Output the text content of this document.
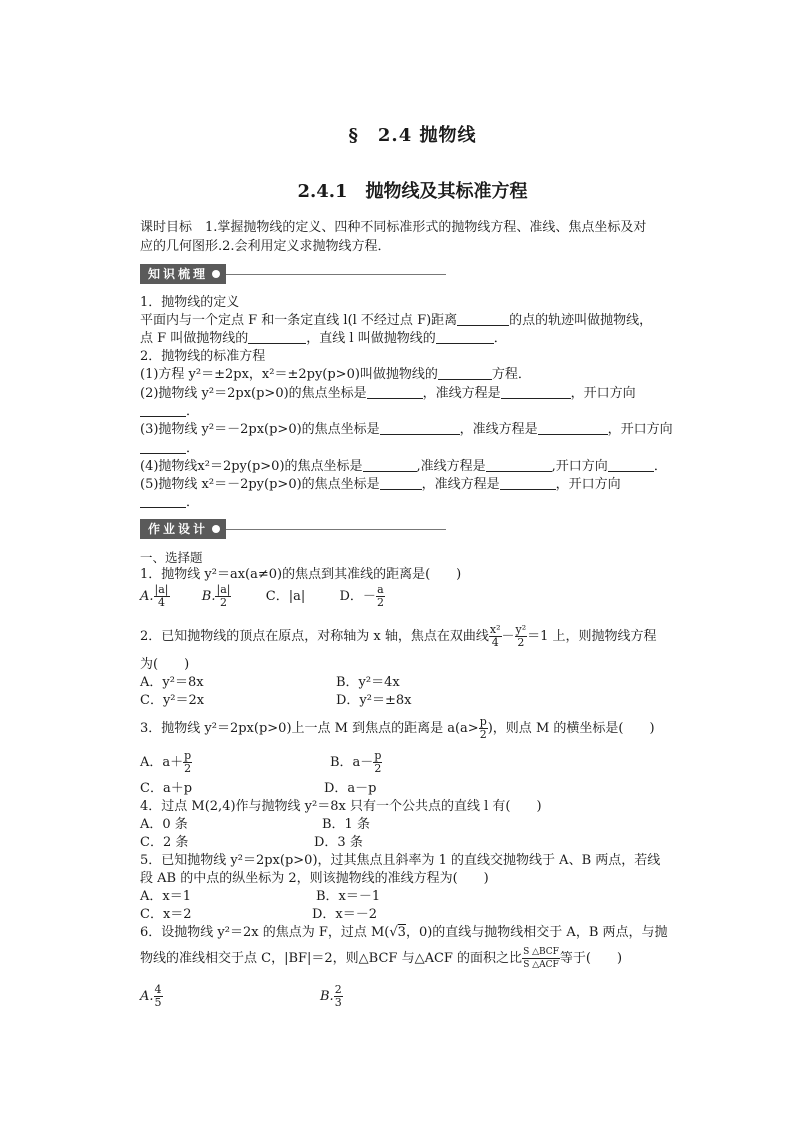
§　2.4 抛物线
2.4.1　抛物线及其标准方程
课时目标　1.掌握抛物线的定义、四种不同标准形式的抛物线方程、准线、焦点坐标及对
应的几何图形.2.会利用定义求抛物线方程．
知识梳理
1．抛物线的定义
平面内与一个定点 F 和一条定直线 l(l 不经过点 F)距离	的点的轨迹叫做抛物线，
点 F 叫做抛物线的	，直线 l 叫做抛物线的	．
2．抛物线的标准方程
(1)方程 y²＝±2px，x²＝±2py(p>0)叫做抛物线的	方程．
(2)抛物线 y²＝2px(p>0)的焦点坐标是	，准线方程是	，开口方向
．
(3)抛物线 y²＝－2px(p>0)的焦点坐标是	，准线方程是	，开口方向
．
(4)抛物线x²＝2py(p>0)的焦点坐标是	,准线方程是	,开口方向	．
(5)抛物线 x²＝－2py(p>0)的焦点坐标是	，准线方程是	，开口方向
．
作业设计
一、选择题
1．抛物线 y²＝ax(a≠0)的焦点到其准线的距离是(　　)
A. $\frac{|a|}{4} B$. $\frac{|a|}{2}$	C．|a|	D．－ $\frac{a}{2}$
2．已知抛物线的顶点在原点，对称轴为 x 轴，焦点在双曲线 $\frac{\text{x²}}{4} - \frac{\text{y²}}{2} =1$ 上，则抛物线方程
为(　　)
A．y²＝8x	B．y²＝4x
C．y²＝2x	D．y²＝±8x
3．抛物线 y²＝2px(p>0)上一点 M 到焦点的距离是 $a(a> \frac{p}{2}$ )，则点 M 的横坐标是(　　)
A．$a+ \frac{p}{2}$	B．$a- \frac{p}{2}$
C．a＋p	D．a－p
4．过点 M(2,4)作与抛物线 y²＝8x 只有一个公共点的直线 l 有(　　)
A．0 条	B．1 条
C．2 条	D．3 条
5．已知抛物线 y²＝2px(p>0)，过其焦点且斜率为 1 的直线交抛物线于 A、B 两点，若线
段 AB 的中点的纵坐标为 2，则该抛物线的准线方程为(　　)
A．x＝1	B．x＝－1
C．x＝2	D．x＝－2
6．设抛物线 y²＝2x 的焦点为 F，过点 M(√3，0)的直线与抛物线相交于 A，B 两点，与抛
物线的准线相交于点 C，|BF|＝2，则△BCF 与△ACF 的面积之比 $\frac{\text{S △BCF}}{\text{S △ACF}}$ 等于(　　)
A. $\frac{4}{5}$	B. $\frac{2}{3}$
